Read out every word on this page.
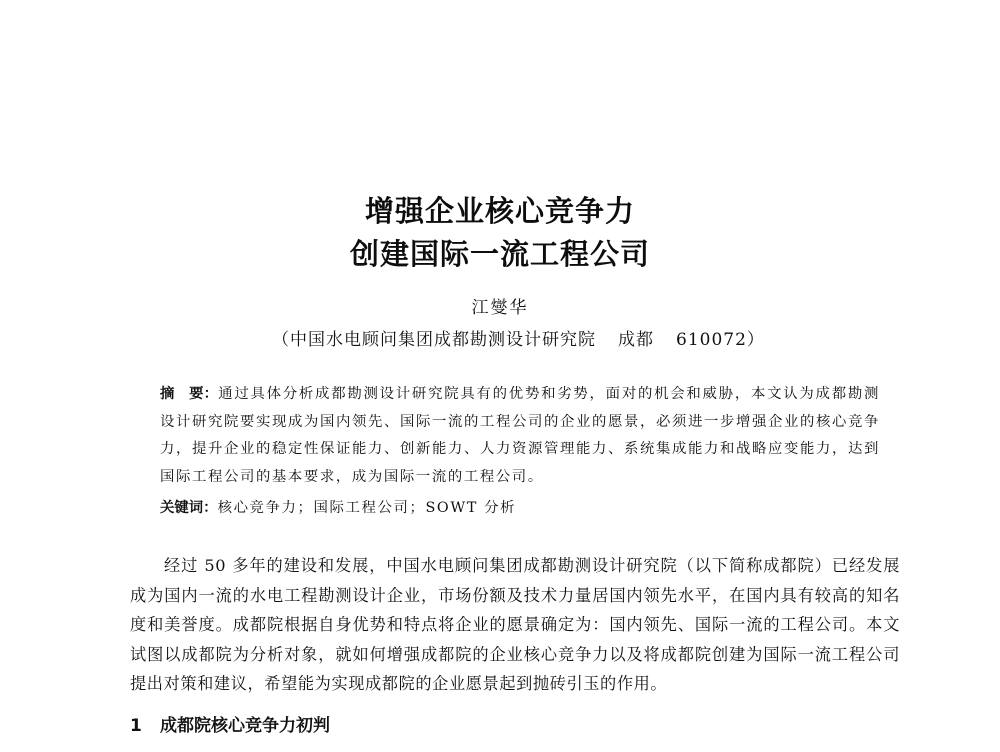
增强企业核心竞争力
创建国际一流工程公司
江燮华
（中国水电顾问集团成都勘测设计研究院 成都 610072）
摘　要：通过具体分析成都勘测设计研究院具有的优势和劣势，面对的机会和威胁，本文认为成都勘测设计研究院要实现成为国内领先、国际一流的工程公司的企业的愿景，必须进一步增强企业的核心竞争力，提升企业的稳定性保证能力、创新能力、人力资源管理能力、系统集成能力和战略应变能力，达到国际工程公司的基本要求，成为国际一流的工程公司。
关键词：核心竞争力；国际工程公司；SOWT 分析
经过 50 多年的建设和发展，中国水电顾问集团成都勘测设计研究院（以下简称成都院）已经发展成为国内一流的水电工程勘测设计企业，市场份额及技术力量居国内领先水平，在国内具有较高的知名度和美誉度。成都院根据自身优势和特点将企业的愿景确定为：国内领先、国际一流的工程公司。本文试图以成都院为分析对象，就如何增强成都院的企业核心竞争力以及将成都院创建为国际一流工程公司提出对策和建议，希望能为实现成都院的企业愿景起到抛砖引玉的作用。
1 成都院核心竞争力初判
